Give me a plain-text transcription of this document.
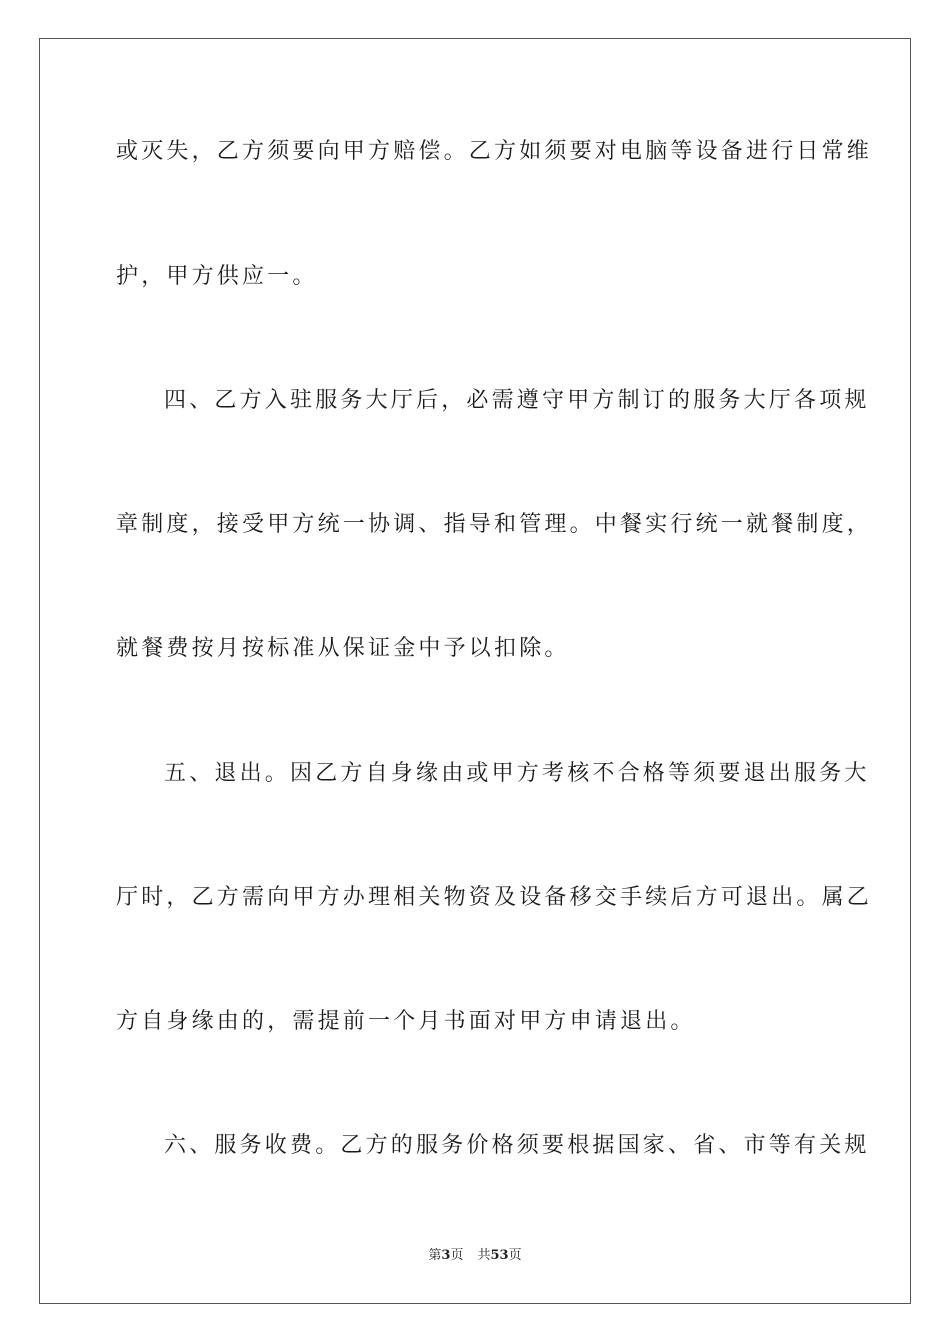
或灭失，乙方须要向甲方赔偿。乙方如须要对电脑等设备进行日常维
护，甲方供应一。
四、乙方入驻服务大厅后，必需遵守甲方制订的服务大厅各项规
章制度，接受甲方统一协调、指导和管理。中餐实行统一就餐制度，
就餐费按月按标准从保证金中予以扣除。
五、退出。因乙方自身缘由或甲方考核不合格等须要退出服务大
厅时，乙方需向甲方办理相关物资及设备移交手续后方可退出。属乙
方自身缘由的，需提前一个月书面对甲方申请退出。
六、服务收费。乙方的服务价格须要根据国家、省、市等有关规
第3页 共53页
